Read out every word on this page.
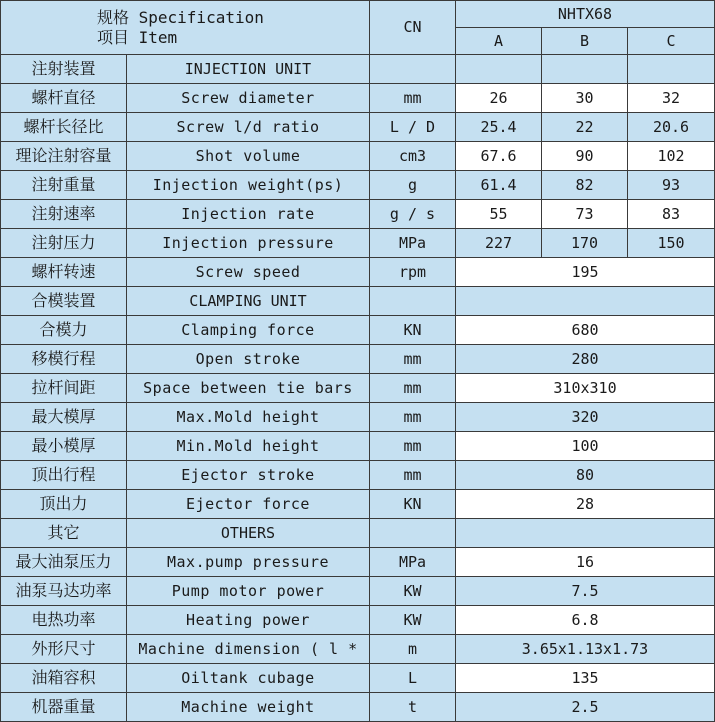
规格 Specification
项目 Item		CN	NHTX68		
			A	B	C
注射装置	INJECTION UNIT				
螺杆直径	Screw diameter	mm	26	30	32
螺杆长径比	Screw l/d ratio	L / D	25.4	22	20.6
理论注射容量	Shot volume	cm3	67.6	90	102
注射重量	Injection weight(ps)	g	61.4	82	93
注射速率	Injection rate	g / s	55	73	83
注射压力	Injection pressure	MPa	227	170	150
螺杆转速	Screw speed	rpm	195		
合模装置	CLAMPING UNIT				
合模力	Clamping force	KN	680		
移模行程	Open stroke	mm	280		
拉杆间距	Space between tie bars	mm	310x310		
最大模厚	Max.Mold height	mm	320		
最小模厚	Min.Mold height	mm	100		
顶出行程	Ejector stroke	mm	80		
顶出力	Ejector force	KN	28		
其它	OTHERS				
最大油泵压力	Max.pump pressure	MPa	16		
油泵马达功率	Pump motor power	KW	7.5		
电热功率	Heating power	KW	6.8		
外形尺寸	Machine dimension ( l *	m	3.65x1.13x1.73		
油箱容积	Oiltank cubage	L	135		
机器重量	Machine weight	t	2.5		
